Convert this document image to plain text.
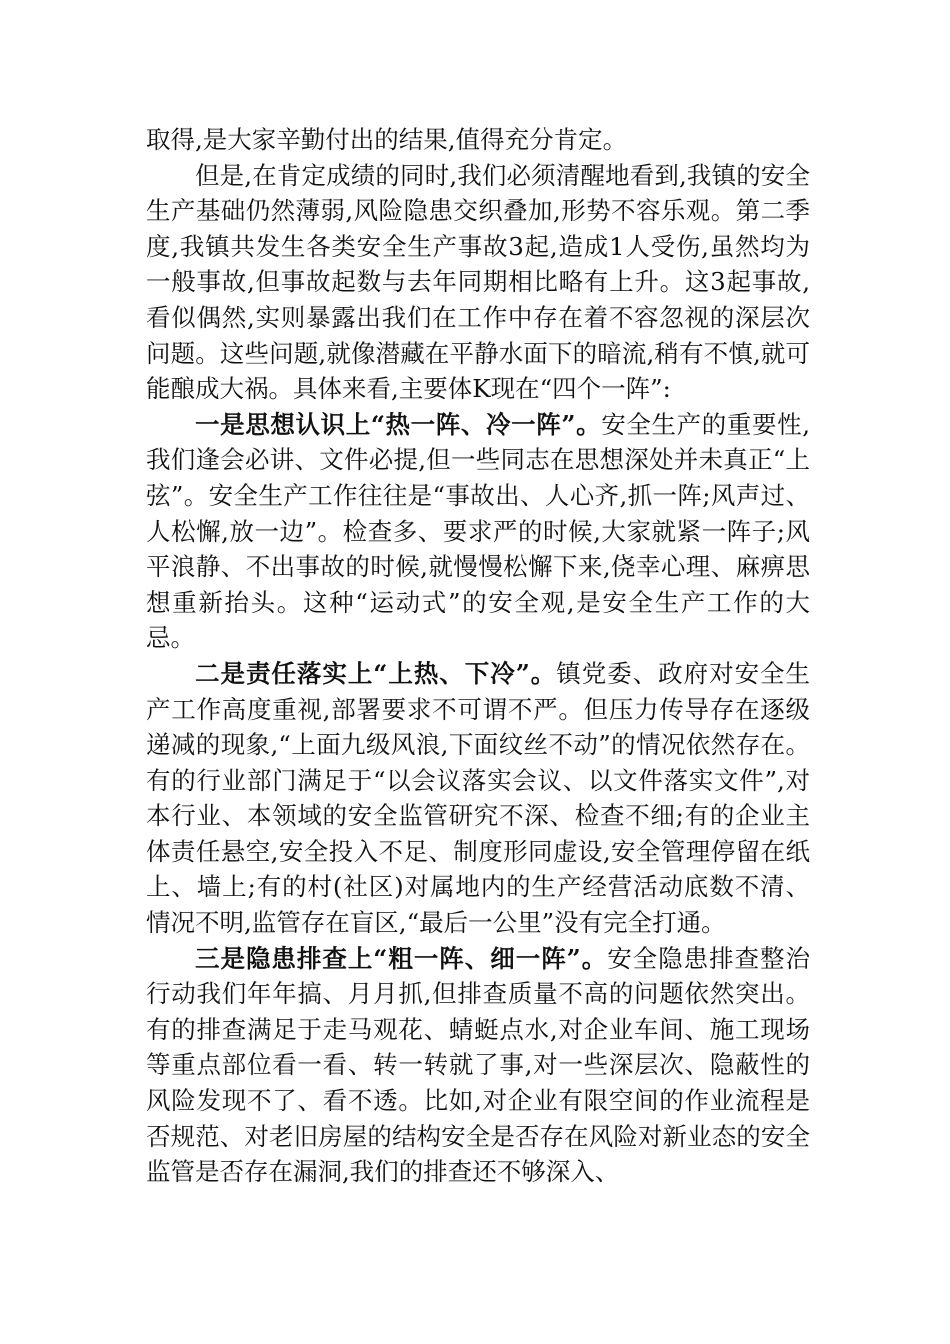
取得,是大家辛勤付出的结果,值得充分肯定。

但是,在肯定成绩的同时,我们必须清醒地看到,我镇的安全生产基础仍然薄弱,风险隐患交织叠加,形势不容乐观。第二季度,我镇共发生各类安全生产事故3起,造成1人受伤,虽然均为一般事故,但事故起数与去年同期相比略有上升。这3起事故,看似偶然,实则暴露出我们在工作中存在着不容忽视的深层次问题。这些问题,就像潜藏在平静水面下的暗流,稍有不慎,就可能酿成大祸。具体来看,主要体K现在“四个一阵”:

一是思想认识上“热一阵、冷一阵”。安全生产的重要性,我们逢会必讲、文件必提,但一些同志在思想深处并未真正“上弦”。安全生产工作往往是“事故出、人心齐,抓一阵;风声过、人松懈,放一边”。检查多、要求严的时候,大家就紧一阵子;风平浪静、不出事故的时候,就慢慢松懈下来,侥幸心理、麻痹思想重新抬头。这种“运动式”的安全观,是安全生产工作的大忌。

二是责任落实上“上热、下冷”。镇党委、政府对安全生产工作高度重视,部署要求不可谓不严。但压力传导存在逐级递减的现象,“上面九级风浪,下面纹丝不动”的情况依然存在。有的行业部门满足于“以会议落实会议、以文件落实文件”,对本行业、本领域的安全监管研究不深、检查不细;有的企业主体责任悬空,安全投入不足、制度形同虚设,安全管理停留在纸上、墙上;有的村(社区)对属地内的生产经营活动底数不清、情况不明,监管存在盲区,“最后一公里”没有完全打通。

三是隐患排查上“粗一阵、细一阵”。安全隐患排查整治行动我们年年搞、月月抓,但排查质量不高的问题依然突出。有的排查满足于走马观花、蜻蜓点水,对企业车间、施工现场等重点部位看一看、转一转就了事,对一些深层次、隐蔽性的风险发现不了、看不透。比如,对企业有限空间的作业流程是否规范、对老旧房屋的结构安全是否存在风险对新业态的安全监管是否存在漏洞,我们的排查还不够深入、
